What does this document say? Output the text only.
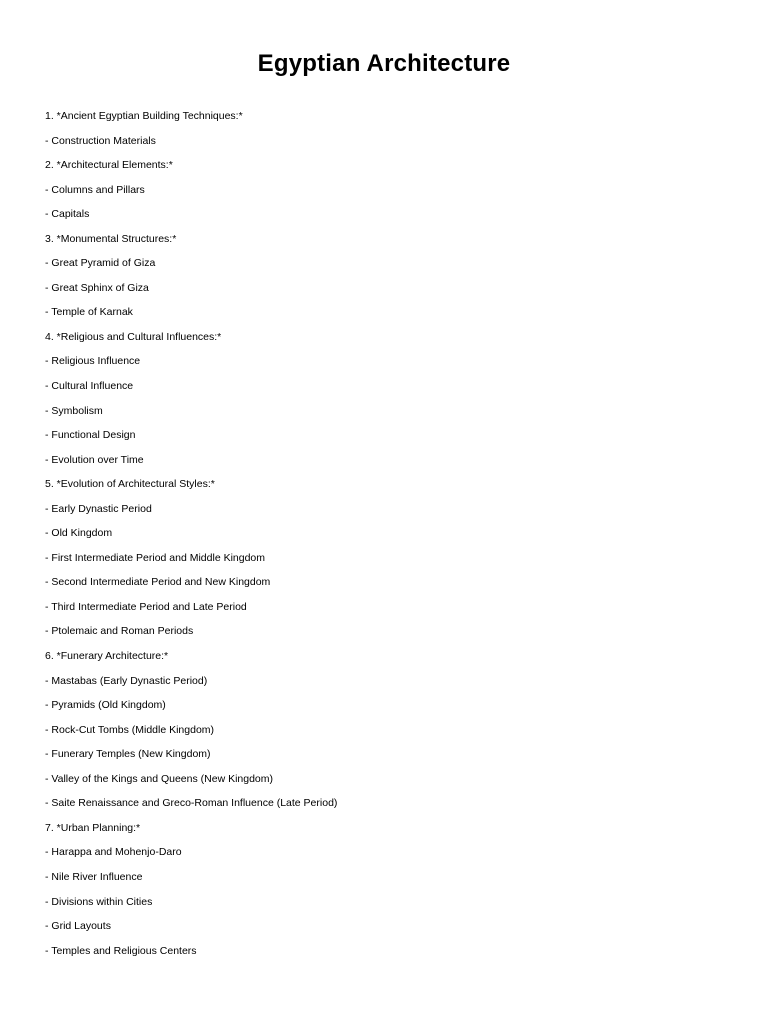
Egyptian Architecture
1. *Ancient Egyptian Building Techniques:*
- Construction Materials
2. *Architectural Elements:*
- Columns and Pillars
- Capitals
3. *Monumental Structures:*
- Great Pyramid of Giza
- Great Sphinx of Giza
- Temple of Karnak
4. *Religious and Cultural Influences:*
- Religious Influence
- Cultural Influence
- Symbolism
- Functional Design
- Evolution over Time
5. *Evolution of Architectural Styles:*
- Early Dynastic Period
- Old Kingdom
- First Intermediate Period and Middle Kingdom
- Second Intermediate Period and New Kingdom
- Third Intermediate Period and Late Period
- Ptolemaic and Roman Periods
6. *Funerary Architecture:*
- Mastabas (Early Dynastic Period)
- Pyramids (Old Kingdom)
- Rock-Cut Tombs (Middle Kingdom)
- Funerary Temples (New Kingdom)
- Valley of the Kings and Queens (New Kingdom)
- Saite Renaissance and Greco-Roman Influence (Late Period)
7. *Urban Planning:*
- Harappa and Mohenjo-Daro
- Nile River Influence
- Divisions within Cities
- Grid Layouts
- Temples and Religious Centers
